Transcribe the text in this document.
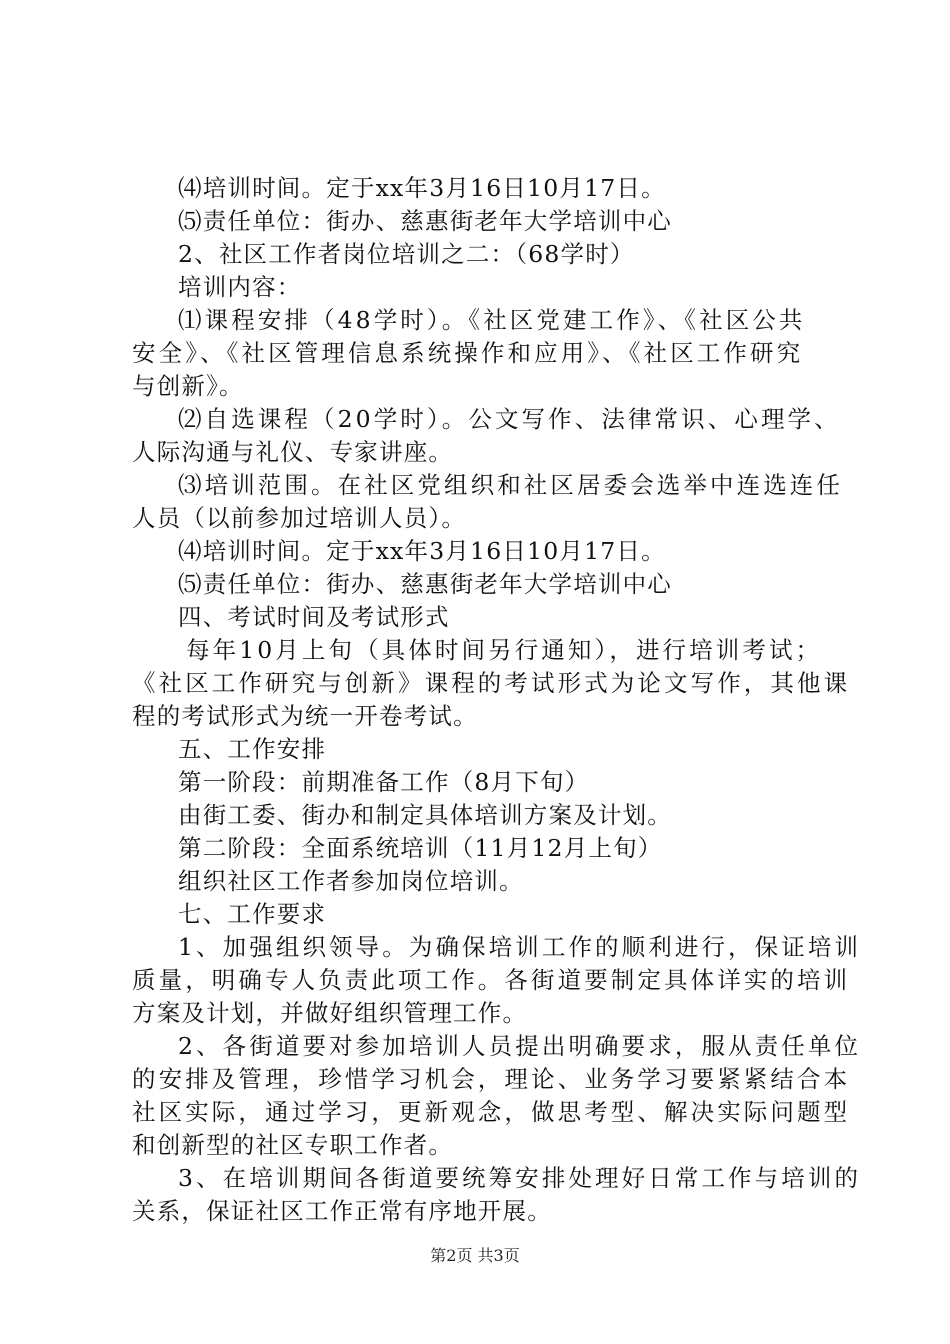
⑷培训时间。定于xx年3月16日10月17日。
⑸责任单位：街办、慈惠街老年大学培训中心
2、社区工作者岗位培训之二：（68学时）
培训内容：
⑴课程安排（48学时）。《社区党建工作》、《社区公共
安全》、《社区管理信息系统操作和应用》、《社区工作研究
与创新》。
⑵自选课程（20学时）。公文写作、法律常识、心理学、
人际沟通与礼仪、专家讲座。
⑶培训范围。在社区党组织和社区居委会选举中连选连任
人员（以前参加过培训人员）。
⑷培训时间。定于xx年3月16日10月17日。
⑸责任单位：街办、慈惠街老年大学培训中心
四、考试时间及考试形式
每年10月上旬（具体时间另行通知），进行培训考试；
《社区工作研究与创新》课程的考试形式为论文写作，其他课
程的考试形式为统一开卷考试。
五、工作安排
第一阶段：前期准备工作（8月下旬）
由街工委、街办和制定具体培训方案及计划。
第二阶段：全面系统培训（11月12月上旬）
组织社区工作者参加岗位培训。
七、工作要求
1、加强组织领导。为确保培训工作的顺利进行，保证培训
质量，明确专人负责此项工作。各街道要制定具体详实的培训
方案及计划，并做好组织管理工作。
2、各街道要对参加培训人员提出明确要求，服从责任单位
的安排及管理，珍惜学习机会，理论、业务学习要紧紧结合本
社区实际，通过学习，更新观念，做思考型、解决实际问题型
和创新型的社区专职工作者。
3、在培训期间各街道要统筹安排处理好日常工作与培训的
关系，保证社区工作正常有序地开展。
第2页 共3页
